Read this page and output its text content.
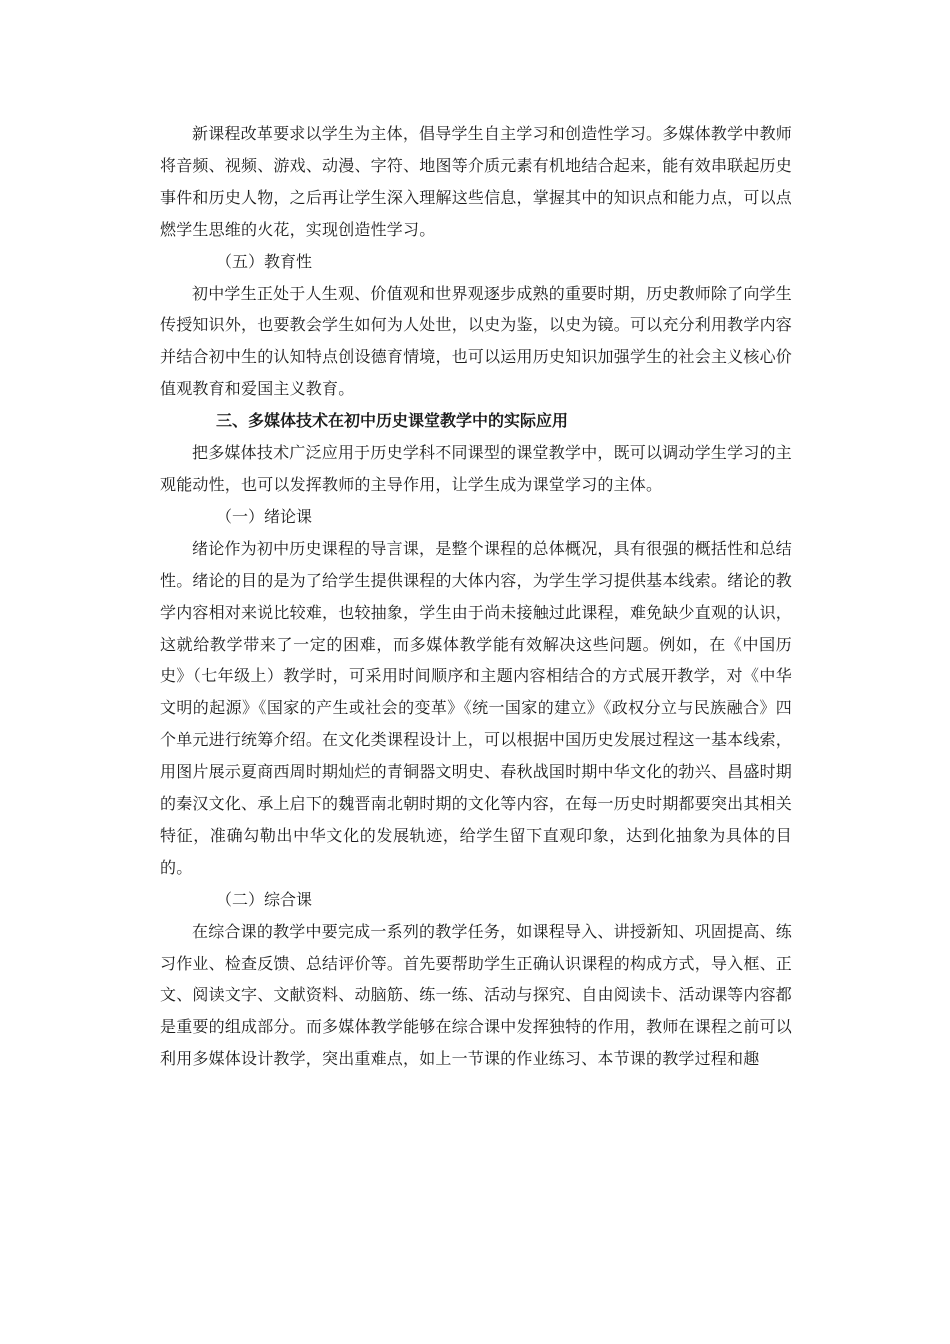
新课程改革要求以学生为主体，倡导学生自主学习和创造性学习。多媒体教学中教师将音频、视频、游戏、动漫、字符、地图等介质元素有机地结合起来，能有效串联起历史事件和历史人物，之后再让学生深入理解这些信息，掌握其中的知识点和能力点，可以点燃学生思维的火花，实现创造性学习。

（五）教育性

初中学生正处于人生观、价值观和世界观逐步成熟的重要时期，历史教师除了向学生传授知识外，也要教会学生如何为人处世，以史为鉴，以史为镜。可以充分利用教学内容并结合初中生的认知特点创设德育情境，也可以运用历史知识加强学生的社会主义核心价值观教育和爱国主义教育。

三、多媒体技术在初中历史课堂教学中的实际应用

把多媒体技术广泛应用于历史学科不同课型的课堂教学中，既可以调动学生学习的主观能动性，也可以发挥教师的主导作用，让学生成为课堂学习的主体。

（一）绪论课

绪论作为初中历史课程的导言课，是整个课程的总体概况，具有很强的概括性和总结性。绪论的目的是为了给学生提供课程的大体内容，为学生学习提供基本线索。绪论的教学内容相对来说比较难，也较抽象，学生由于尚未接触过此课程，难免缺少直观的认识，这就给教学带来了一定的困难，而多媒体教学能有效解决这些问题。例如，在《中国历史》（七年级上）教学时，可采用时间顺序和主题内容相结合的方式展开教学，对《中华文明的起源》《国家的产生或社会的变革》《统一国家的建立》《政权分立与民族融合》四个单元进行统筹介绍。在文化类课程设计上，可以根据中国历史发展过程这一基本线索，用图片展示夏商西周时期灿烂的青铜器文明史、春秋战国时期中华文化的勃兴、昌盛时期的秦汉文化、承上启下的魏晋南北朝时期的文化等内容，在每一历史时期都要突出其相关特征，准确勾勒出中华文化的发展轨迹，给学生留下直观印象，达到化抽象为具体的目的。

（二）综合课

在综合课的教学中要完成一系列的教学任务，如课程导入、讲授新知、巩固提高、练习作业、检查反馈、总结评价等。首先要帮助学生正确认识课程的构成方式，导入框、正文、阅读文字、文献资料、动脑筋、练一练、活动与探究、自由阅读卡、活动课等内容都是重要的组成部分。而多媒体教学能够在综合课中发挥独特的作用，教师在课程之前可以利用多媒体设计教学，突出重难点，如上一节课的作业练习、本节课的教学过程和趣
